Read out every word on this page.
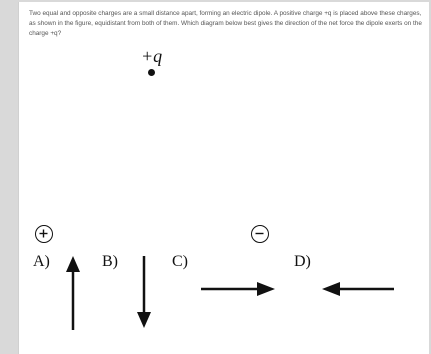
Two equal and opposite charges are a small distance apart, forming an electric dipole. A positive charge +q is placed above these charges, as shown in the figure, equidistant from both of them. Which diagram below best gives the direction of the net force the dipole exerts on the charge +q?
+q
A)	B)	C)	D)
